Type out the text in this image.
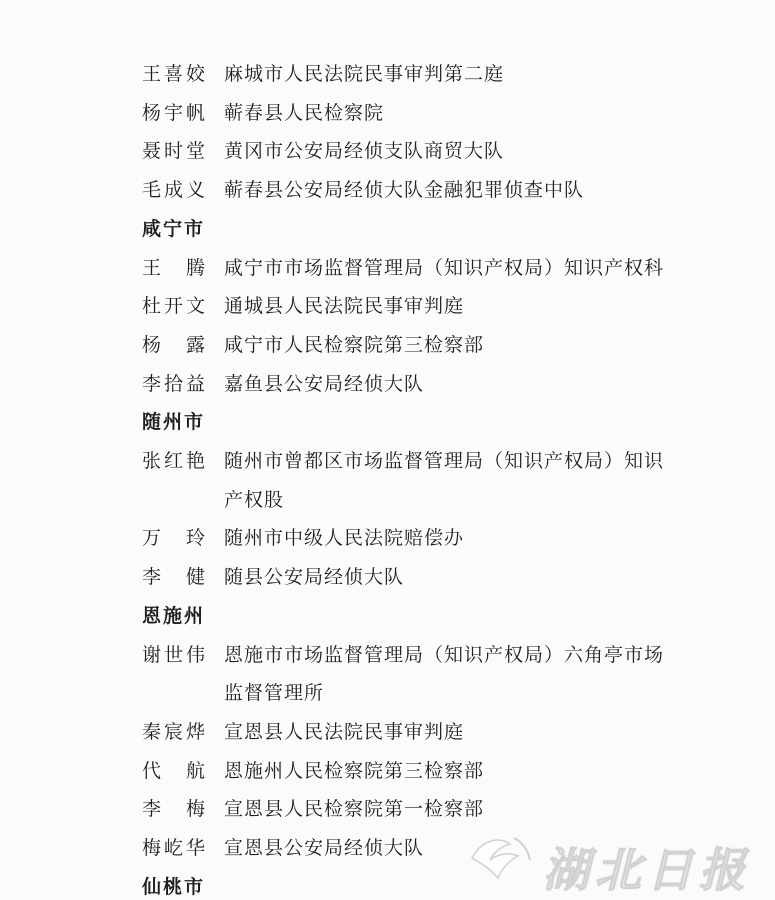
王喜姣 麻城市人民法院民事审判第二庭
杨宇帆 蕲春县人民检察院
聂时堂 黄冈市公安局经侦支队商贸大队
毛成义 蕲春县公安局经侦大队金融犯罪侦查中队
咸宁市
王腾 咸宁市市场监督管理局（知识产权局）知识产权科
杜开文 通城县人民法院民事审判庭
杨露 咸宁市人民检察院第三检察部
李拾益 嘉鱼县公安局经侦大队
随州市
张红艳 随州市曾都区市场监督管理局（知识产权局）知识
产权股
万玲 随州市中级人民法院赔偿办
李健 随县公安局经侦大队
恩施州
谢世伟 恩施市市场监督管理局（知识产权局）六角亭市场
监督管理所
秦宸烨 宣恩县人民法院民事审判庭
代航 恩施州人民检察院第三检察部
李梅 宣恩县人民检察院第一检察部
梅屹华 宣恩县公安局经侦大队
仙桃市	湖北日报
